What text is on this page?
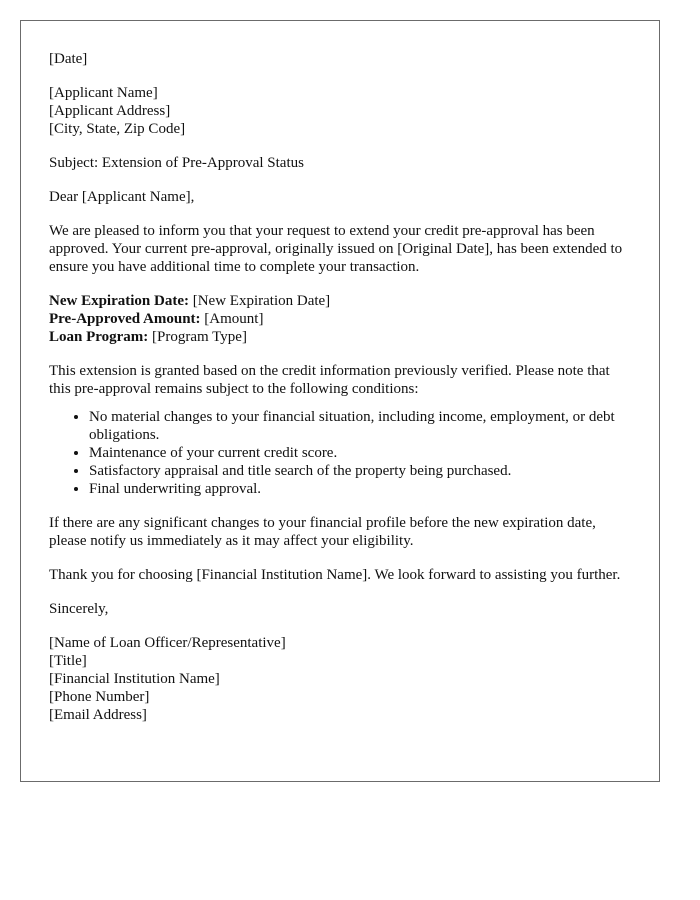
[Date]

[Applicant Name]
[Applicant Address]
[City, State, Zip Code]

Subject: Extension of Pre-Approval Status

Dear [Applicant Name],

We are pleased to inform you that your request to extend your credit pre-approval has been approved. Your current pre-approval, originally issued on [Original Date], has been extended to ensure you have additional time to complete your transaction.

New Expiration Date: [New Expiration Date]
Pre-Approved Amount: [Amount]
Loan Program: [Program Type]

This extension is granted based on the credit information previously verified. Please note that this pre-approval remains subject to the following conditions:

• No material changes to your financial situation, including income, employment, or debt obligations.
• Maintenance of your current credit score.
• Satisfactory appraisal and title search of the property being purchased.
• Final underwriting approval.

If there are any significant changes to your financial profile before the new expiration date, please notify us immediately as it may affect your eligibility.

Thank you for choosing [Financial Institution Name]. We look forward to assisting you further.

Sincerely,

[Name of Loan Officer/Representative]
[Title]
[Financial Institution Name]
[Phone Number]
[Email Address]
